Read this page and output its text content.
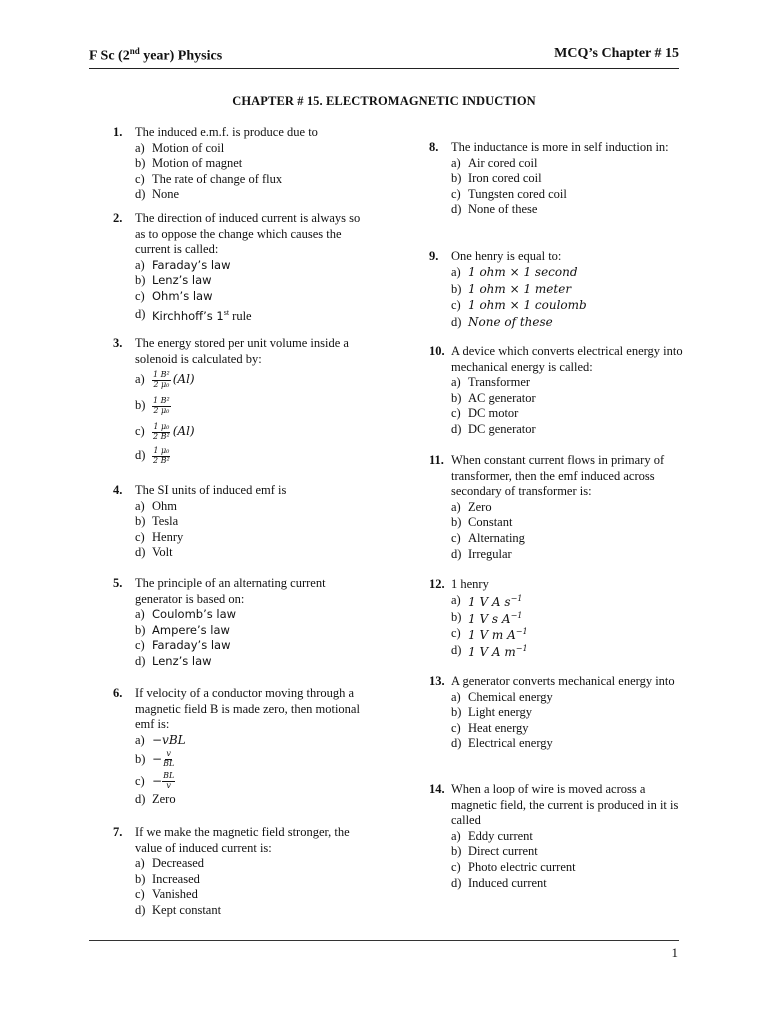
F Sc (2nd year) Physics	MCQ’s Chapter # 15
CHAPTER # 15. ELECTROMAGNETIC INDUCTION
1. The induced e.m.f. is produce due to
a) Motion of coil
b) Motion of magnet
c) The rate of change of flux
d) None
2. The direction of induced current is always so as to oppose the change which causes the current is called:
a) Faraday’s law
b) Lenz’s law
c) Ohm’s law
d) Kirchhoff’s 1st rule
3. The energy stored per unit volume inside a solenoid is calculated by:
$a) \frac{\text{1 B²}}{\text{2 μ₀}} (Al)$
$b) \frac{\text{1 B²}}{\text{2 μ₀}}$
$c) \frac{\text{1 μ₀}}{\text{2 B²}} (Al)$
$d) \frac{\text{1 μ₀}}{\text{2 B²}}$
4. The SI units of induced emf is
a) Ohm
b) Tesla
c) Henry
d) Volt
5. The principle of an alternating current generator is based on:
a) Coulomb’s law
b) Ampere’s law
c) Faraday’s law
d) Lenz’s law
6. If velocity of a conductor moving through a magnetic field B is made zero, then motional emf is:
a) −vBL
$b) - \frac{v}{BL}$
$c) - \frac{BL}{v}$
d) Zero
7. If we make the magnetic field stronger, the value of induced current is:
a) Decreased
b) Increased
c) Vanished
d) Kept constant
8. The inductance is more in self induction in:
a) Air cored coil
b) Iron cored coil
c) Tungsten cored coil
d) None of these
9. One henry is equal to:
a) 1 ohm × 1 second
b) 1 ohm × 1 meter
c) 1 ohm × 1 coulomb
d) None of these
10. A device which converts electrical energy into mechanical energy is called:
a) Transformer
b) AC generator
c) DC motor
d) DC generator
11. When constant current flows in primary of transformer, then the emf induced across secondary of transformer is:
a) Zero
b) Constant
c) Alternating
d) Irregular
12. 1 henry
a) 1 V A $s^{-1}$
b) 1 V s $A^{-1}$
c) 1 V m $A^{-1}$
d) 1 V A $m^{-1}$
13. A generator converts mechanical energy into
a) Chemical energy
b) Light energy
c) Heat energy
d) Electrical energy
14. When a loop of wire is moved across a magnetic field, the current is produced in it is called
a) Eddy current
b) Direct current
c) Photo electric current
d) Induced current
1
